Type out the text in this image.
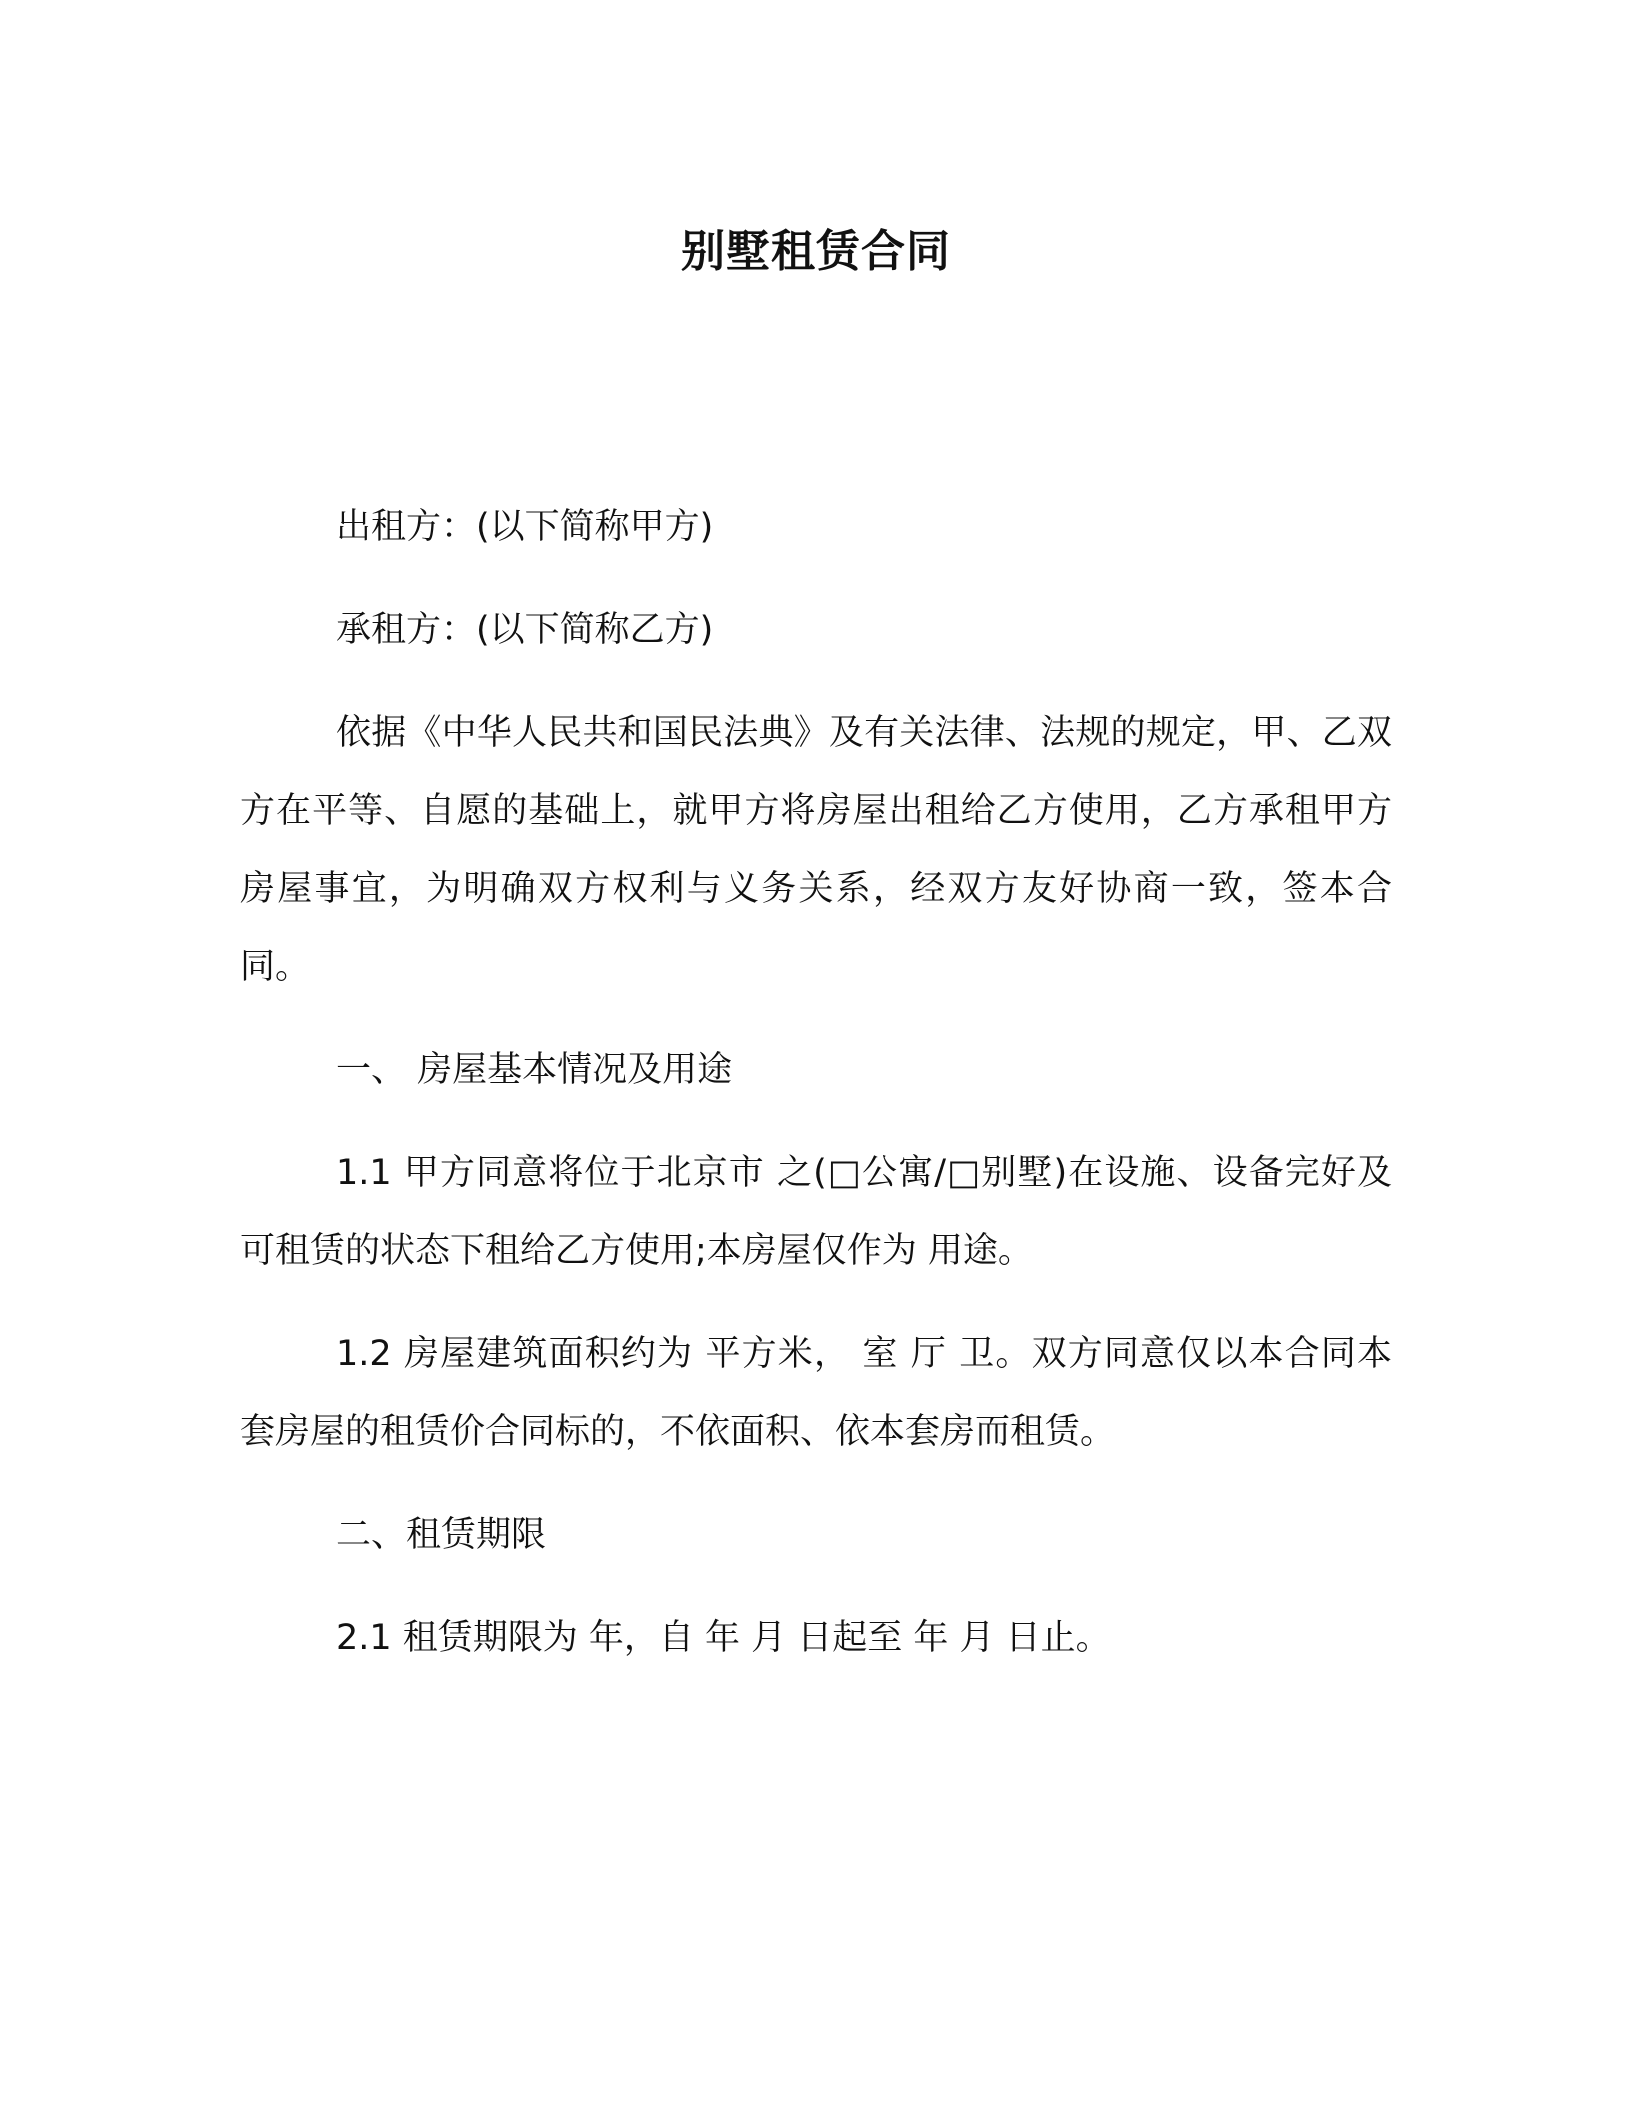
别墅租赁合同

出租方：(以下简称甲方)

承租方：(以下简称乙方)

依据《中华人民共和国民法典》及有关法律、法规的规定，甲、乙双方在平等、自愿的基础上，就甲方将房屋出租给乙方使用，乙方承租甲方房屋事宜，为明确双方权利与义务关系，经双方友好协商一致，签本合同。

一、 房屋基本情况及用途

1.1 甲方同意将位于北京市 之(□公寓/□别墅)在设施、设备完好及可租赁的状态下租给乙方使用;本房屋仅作为 用途。

1.2 房屋建筑面积约为 平方米， 室 厅 卫。双方同意仅以本合同本套房屋的租赁价合同标的，不依面积、依本套房而租赁。

二、租赁期限

2.1 租赁期限为 年，自 年 月 日起至 年 月 日止。
